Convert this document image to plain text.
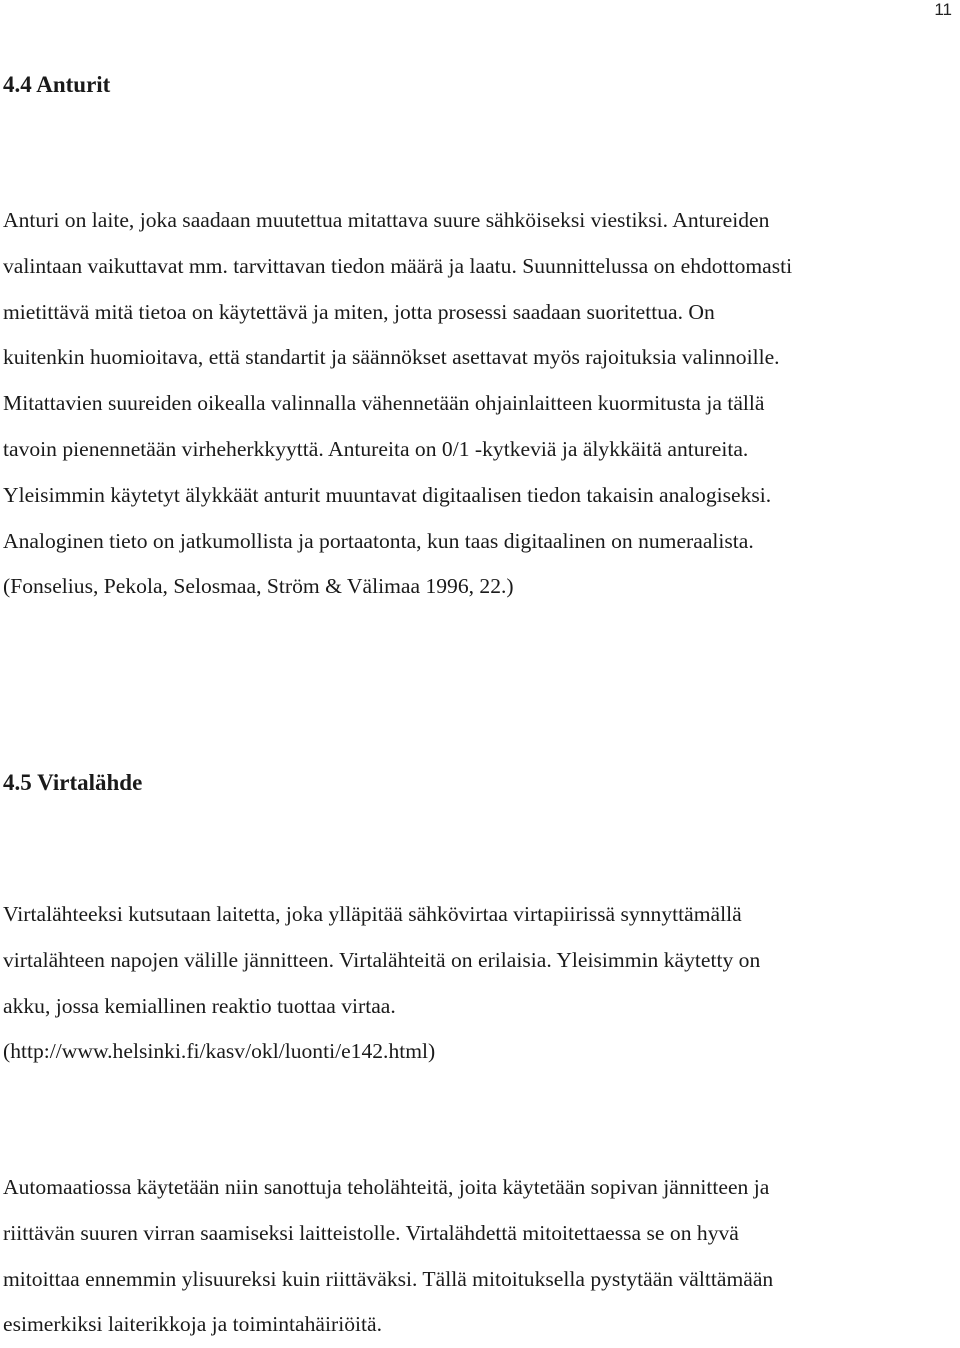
11
4.4 Anturit
Anturi on laite, joka saadaan muutettua mitattava suure sähköiseksi viestiksi. Antureiden
valintaan vaikuttavat mm. tarvittavan tiedon määrä ja laatu. Suunnittelussa on ehdottomasti
mietittävä mitä tietoa on käytettävä ja miten, jotta prosessi saadaan suoritettua. On
kuitenkin huomioitava, että standartit ja säännökset asettavat myös rajoituksia valinnoille.
Mitattavien suureiden oikealla valinnalla vähennetään ohjainlaitteen kuormitusta ja tällä
tavoin pienennetään virheherkkyyttä. Antureita on 0/1 -kytkeviä ja älykkäitä antureita.
Yleisimmin käytetyt älykkäät anturit muuntavat digitaalisen tiedon takaisin analogiseksi.
Analoginen tieto on jatkumollista ja portaatonta, kun taas digitaalinen on numeraalista.
(Fonselius, Pekola, Selosmaa, Ström & Välimaa 1996, 22.)
4.5 Virtalähde
Virtalähteeksi kutsutaan laitetta, joka ylläpitää sähkövirtaa virtapiirissä synnyttämällä
virtalähteen napojen välille jännitteen. Virtalähteitä on erilaisia. Yleisimmin käytetty on
akku, jossa kemiallinen reaktio tuottaa virtaa.
(http://www.helsinki.fi/kasv/okl/luonti/e142.html)
Automaatiossa käytetään niin sanottuja teholähteitä, joita käytetään sopivan jännitteen ja
riittävän suuren virran saamiseksi laitteistolle. Virtalähdettä mitoitettaessa se on hyvä
mitoittaa ennemmin ylisuureksi kuin riittäväksi. Tällä mitoituksella pystytään välttämään
esimerkiksi laiterikkoja ja toimintahäiriöitä.
